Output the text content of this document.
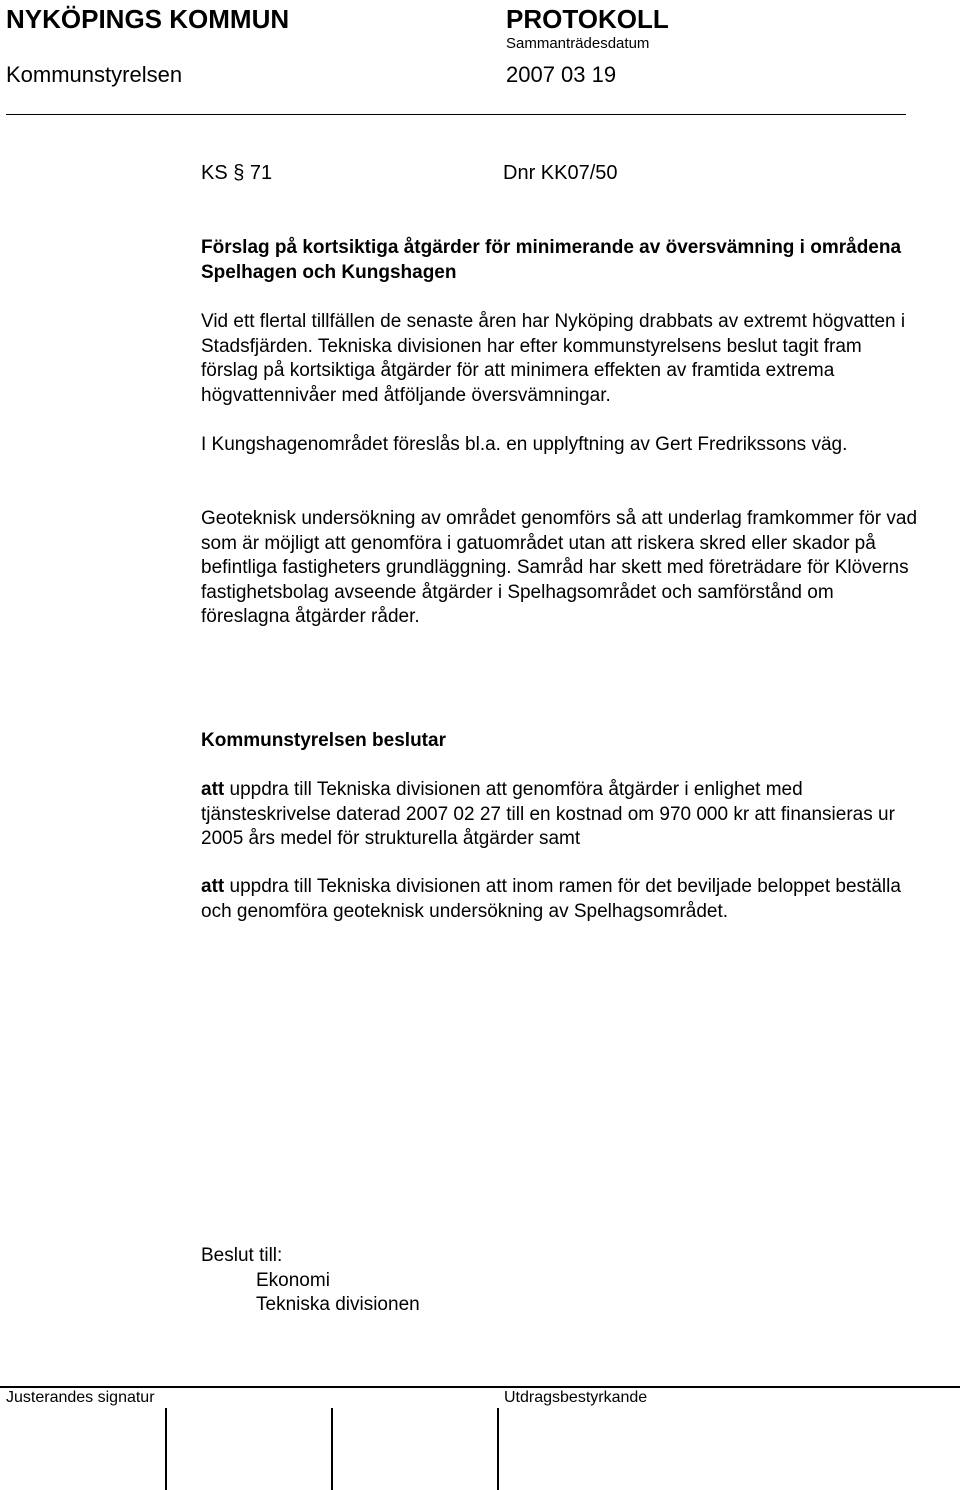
NYKÖPINGS KOMMUN	PROTOKOLL
Sammanträdesdatum
Kommunstyrelsen	2007 03 19
KS § 71	Dnr KK07/50
Förslag på kortsiktiga åtgärder för minimerande av översvämning i områdena Spelhagen och Kungshagen

Vid ett flertal tillfällen de senaste åren har Nyköping drabbats av extremt högvatten i Stadsfjärden. Tekniska divisionen har efter kommunstyrelsens beslut tagit fram förslag på kortsiktiga åtgärder för att minimera effekten av framtida extrema högvattennivåer med åtföljande översvämningar.

I Kungshagenområdet föreslås bl.a. en upplyftning av Gert Fredrikssons väg.

Geoteknisk undersökning av området genomförs så att underlag framkommer för vad som är möjligt att genomföra i gatuområdet utan att riskera skred eller skador på befintliga fastigheters grundläggning. Samråd har skett med företrädare för Klöverns fastighetsbolag avseende åtgärder i Spelhagsområdet och samförstånd om föreslagna åtgärder råder.

Kommunstyrelsen beslutar

att uppdra till Tekniska divisionen att genomföra åtgärder i enlighet med tjänsteskrivelse daterad 2007 02 27 till en kostnad om 970 000 kr att finansieras ur 2005 års medel för strukturella åtgärder samt

att uppdra till Tekniska divisionen att inom ramen för det beviljade beloppet beställa och genomföra geoteknisk undersökning av Spelhagsområdet.

Beslut till:
Ekonomi
Tekniska divisionen
Justerandes signatur	Utdragsbestyrkande
